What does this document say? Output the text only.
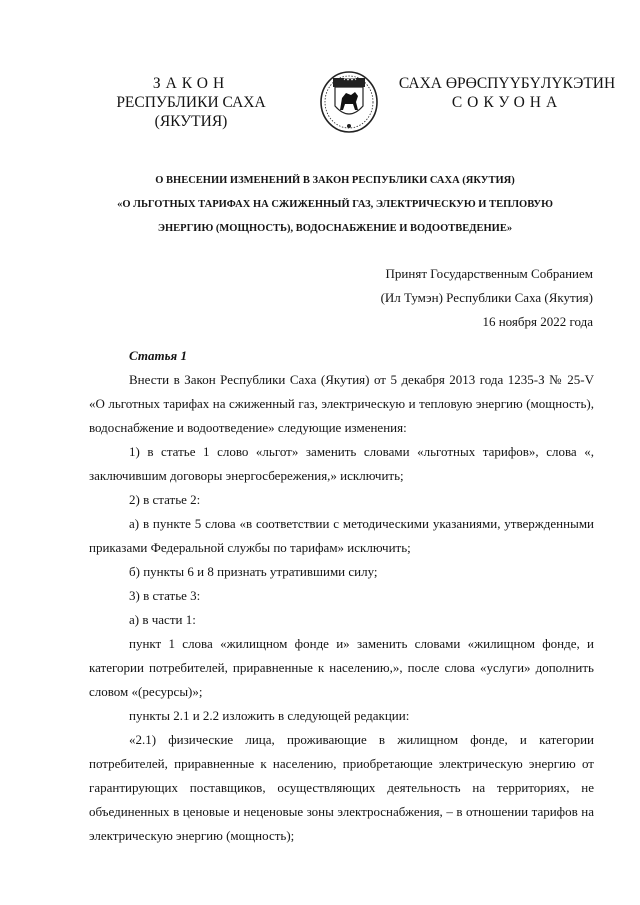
ЗАКОН
РЕСПУБЛИКИ САХА (ЯКУТИЯ)
САХА ӨРӨСПҮҮБҮЛҮКЭТИН
СОКУОНА
О ВНЕСЕНИИ ИЗМЕНЕНИЙ В ЗАКОН РЕСПУБЛИКИ САХА (ЯКУТИЯ)
«О ЛЬГОТНЫХ ТАРИФАХ НА СЖИЖЕННЫЙ ГАЗ, ЭЛЕКТРИЧЕСКУЮ И ТЕПЛОВУЮ
ЭНЕРГИЮ (МОЩНОСТЬ), ВОДОСНАБЖЕНИЕ И ВОДООТВЕДЕНИЕ»
Принят Государственным Собранием
(Ил Тумэн) Республики Саха (Якутия)
16 ноября 2022 года
Статья 1

Внести в Закон Республики Саха (Якутия) от 5 декабря 2013 года 1235-З № 25-V «О льготных тарифах на сжиженный газ, электрическую и тепловую энергию (мощность), водоснабжение и водоотведение» следующие изменения:

1) в статье 1 слово «льгот» заменить словами «льготных тарифов», слова «, заключившим договоры энергосбережения,» исключить;

2) в статье 2:

а) в пункте 5 слова «в соответствии с методическими указаниями, утвержденными приказами Федеральной службы по тарифам» исключить;

б) пункты 6 и 8 признать утратившими силу;

3) в статье 3:

а) в части 1:

пункт 1 слова «жилищном фонде и» заменить словами «жилищном фонде, и категории потребителей, приравненные к населению,», после слова «услуги» дополнить словом «(ресурсы)»;

пункты 2.1 и 2.2 изложить в следующей редакции:

«2.1) физические лица, проживающие в жилищном фонде, и категории потребителей, приравненные к населению, приобретающие электрическую энергию от гарантирующих поставщиков, осуществляющих деятельность на территориях, не объединенных в ценовые и неценовые зоны электроснабжения, – в отношении тарифов на электрическую энергию (мощность);
